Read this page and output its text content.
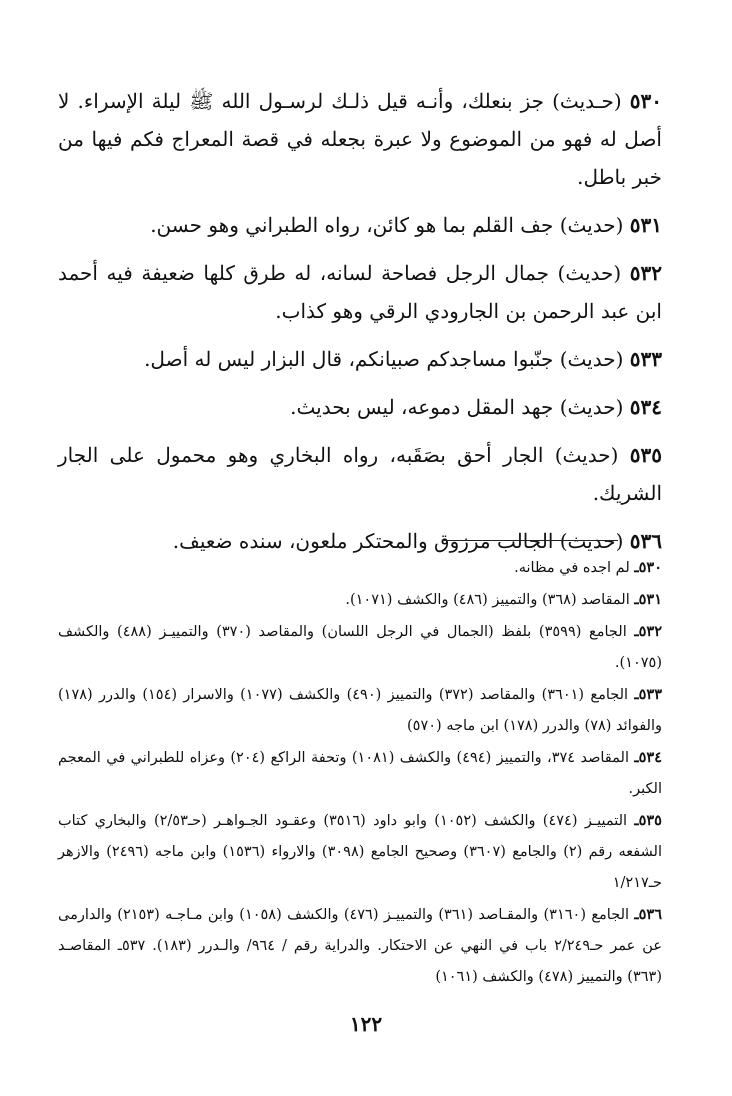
٥٣٠ (حـديث) جز بنعلك، وأنـه قيل ذلـك لرسـول الله ﷺ ليلة الإسراء. لا أصل له فهو من الموضوع ولا عبرة بجعله في قصة المعراج فكم فيها من خبر باطل.

٥٣١ (حديث) جف القلم بما هو كائن، رواه الطبراني وهو حسن.

٥٣٢ (حديث) جمال الرجل فصاحة لسانه، له طرق كلها ضعيفة فيه أحمد ابن عبد الرحمن بن الجارودي الرقي وهو كذاب.

٥٣٣ (حديث) جنّبوا مساجدكم صبيانكم، قال البزار ليس له أصل.

٥٣٤ (حديث) جهد المقل دموعه، ليس بحديث.

٥٣٥ (حديث) الجار أحق بصَقَبه، رواه البخاري وهو محمول على الجار الشريك.

٥٣٦ (حديث) الجالب مرزوق والمحتكر ملعون، سنده ضعيف.

٥٣٠ـ لم اجده في مظانه.

٥٣١ـ المقاصد (٣٦٨) والتمييز (٤٨٦) والكشف (١٠٧١).

٥٣٢ـ الجامع (٣٥٩٩) بلفظ (الجمال في الرجل اللسان) والمقاصد (٣٧٠) والتمييـز (٤٨٨) والكشف (١٠٧٥).

٥٣٣ـ الجامع (٣٦٠١) والمقاصد (٣٧٢) والتمييز (٤٩٠) والكشف (١٠٧٧) والاسرار (١٥٤) والدرر (١٧٨) والفوائد (٧٨) والدرر (١٧٨) ابن ماجه (٥٧٠)

٥٣٤ـ المقاصد ٣٧٤، والتمييز (٤٩٤) والكشف (١٠٨١) وتحفة الراكع (٢٠٤) وعزاه للطبراني في المعجم الكبر.

٥٣٥ـ التمييـز (٤٧٤) والكشف (١٠٥٢) وابو داود (٣٥١٦) وعقـود الجـواهـر (حـ٢/٥٣) والبخاري كتاب الشفعه رقم (٢) والجامع (٣٦٠٧) وصحيح الجامع (٣٠٩٨) والارواء (١٥٣٦) وابن ماجه (٢٤٩٦) والازهر حـ١/٢١٧

٥٣٦ـ الجامع (٣١٦٠) والمقـاصد (٣٦١) والتمييـز (٤٧٦) والكشف (١٠٥٨) وابن مـاجـه (٢١٥٣) والدارمى عن عمر حـ٢/٢٤٩ باب في النهي عن الاحتكار. والدراية رقم / ٩٦٤/ والـدرر (١٨٣). ٥٣٧ـ المقاصـد (٣٦٣) والتمييز (٤٧٨) والكشف (١٠٦١)

١٢٢
